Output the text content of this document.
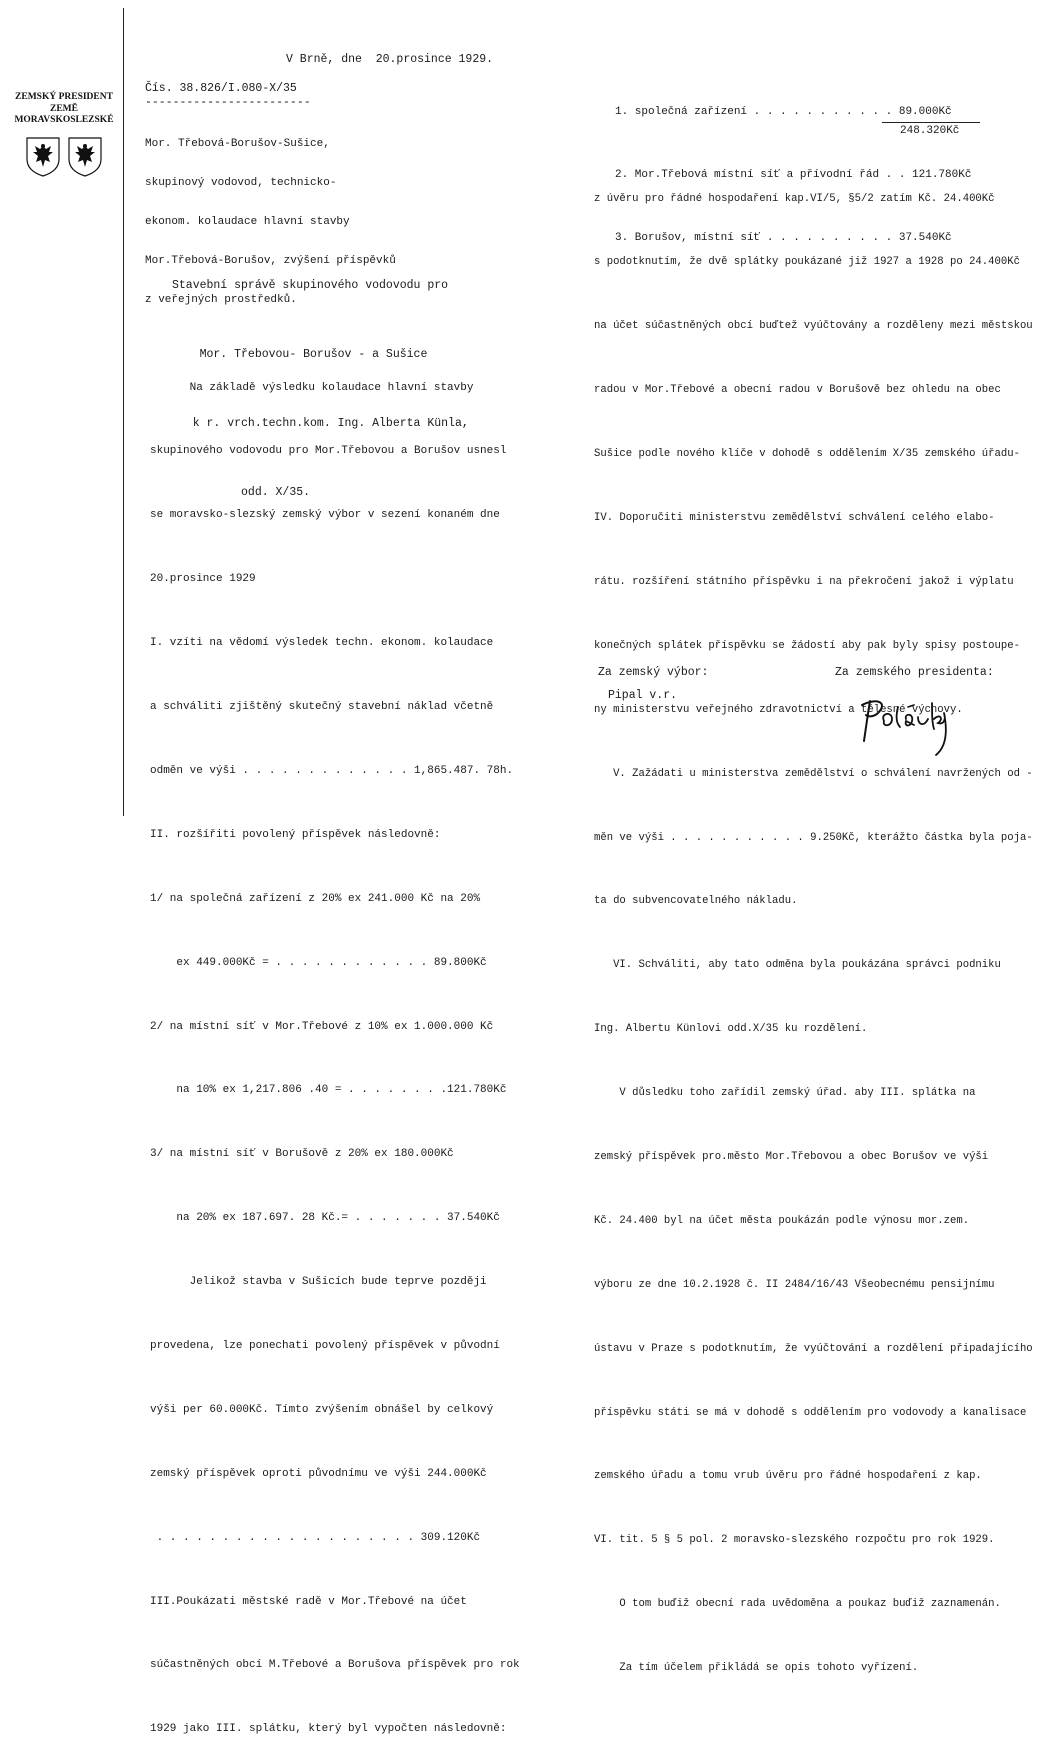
ZEMSKÝ PRESIDENT
ZEMĚ
MORAVSKOSLEZSKÉ
V Brně, dne  20.prosince 1929.
Čís. 38.826/I.080-X/35
------------------------

Mor. Třebová-Borušov-Sušice,

skupinový vodovod, technicko-

ekonom. kolaudace hlavní stavby

Mor.Třebová-Borušov, zvýšení příspěvků

z veřejných prostředků.

Stavební správě skupinového vodovodu pro

Mor. Třebovou- Borušov - a Sušice

k r. vrch.techn.kom. Ing. Alberta Künla,

odd. X/35.

Na základě výsledku kolaudace hlavní stavby

skupinového vodovodu pro Mor.Třebovou a Borušov usnesl

se moravsko-slezský zemský výbor v sezení konaném dne

20.prosince 1929

I. vzíti na vědomí výsledek techn. ekonom. kolaudace

a schváliti zjištěný skutečný stavební náklad včetně

odměn ve výši . . . . . . . . . . . . . 1,865.487. 78h.

II. rozšířiti povolený příspěvek následovně:

1/ na společná zařízení z 20% ex 241.000 Kč na 20%

ex 449.000Kč = . . . . . . . . . . . . 89.800Kč

2/ na místní síť v Mor.Třebové z 10% ex 1.000.000 Kč

na 10% ex 1,217.806 .40 = . . . . . . . .121.780Kč

3/ na místní síť v Borušově z 20% ex 180.000Kč

na 20% ex 187.697. 28 Kč.= . . . . . . . 37.540Kč

Jelikož stavba v Sušicích bude teprve později

provedena, lze ponechati povolený příspěvek v původní

výši per 60.000Kč. Tímto zvýšením obnášel by celkový

zemský příspěvek oproti původnímu ve výši 244.000Kč

. . . . . . . . . . . . . . . . . . . . 309.120Kč

III.Poukázati městské radě v Mor.Třebové na účet

súčastněných obcí M.Třebové a Borušova příspěvek pro rok

1929 jako III. splátku, který byl vypočten následovně:

1. společná zařízení . . . . . . . . . . . 89.000Kč

2. Mor.Třebová místní síť a přívodní řád . . 121.780Kč

3. Borušov, místní síť . . . . . . . . . . 37.540Kč

248.320Kč

z úvěru pro řádné hospodaření kap.VI/5, §5/2 zatím Kč. 24.400Kč

s podotknutím, že dvě splátky poukázané již 1927 a 1928 po 24.400Kč

na účet súčastněných obcí buďtež vyúčtovány a rozděleny mezi městskou

radou v Mor.Třebové a obecní radou v Borušově bez ohledu na obec

Sušice podle nového klíče v dohodě s oddělením X/35 zemského úřadu-

IV. Doporučiti ministerstvu zemědělství schválení celého elabo-

rátu. rozšíření státního příspěvku i na překročení jakož i výplatu

konečných splátek příspěvku se žádostí aby pak byly spisy postoupe-

ny ministerstvu veřejného zdravotnictví a tělesné výchovy.

V. Zažádati u ministerstva zemědělství o schválení navržených od -

měn ve výši . . . . . . . . . . . 9.250Kč, kterážto částka byla poja-

ta do subvencovatelného nákladu.

VI. Schváliti, aby tato odměna byla poukázána správci podniku

Ing. Albertu Künlovi odd.X/35 ku rozdělení.

V důsledku toho zařídil zemský úřad. aby III. splátka na

zemský příspěvek pro.město Mor.Třebovou a obec Borušov ve výši

Kč. 24.400 byl na účet města poukázán podle výnosu mor.zem.

výboru ze dne 10.2.1928 č. II 2484/16/43 Všeobecnému pensijnímu

ústavu v Praze s podotknutím, že vyúčtování a rozdělení připadajícího

příspěvku státi se má v dohodě s oddělením pro vodovody a kanalisace

zemského úřadu a tomu vrub úvěru pro řádné hospodaření z kap.

VI. tit. 5 § 5 pol. 2 moravsko-slezského rozpočtu pro rok 1929.

O tom buďiž obecní rada uvědoměna a poukaz buďiž zaznamenán.

Za tím účelem přikládá se opis tohoto vyřízení.

Za zemský výbor:
Pipal v.r.
Za zemského presidenta:
